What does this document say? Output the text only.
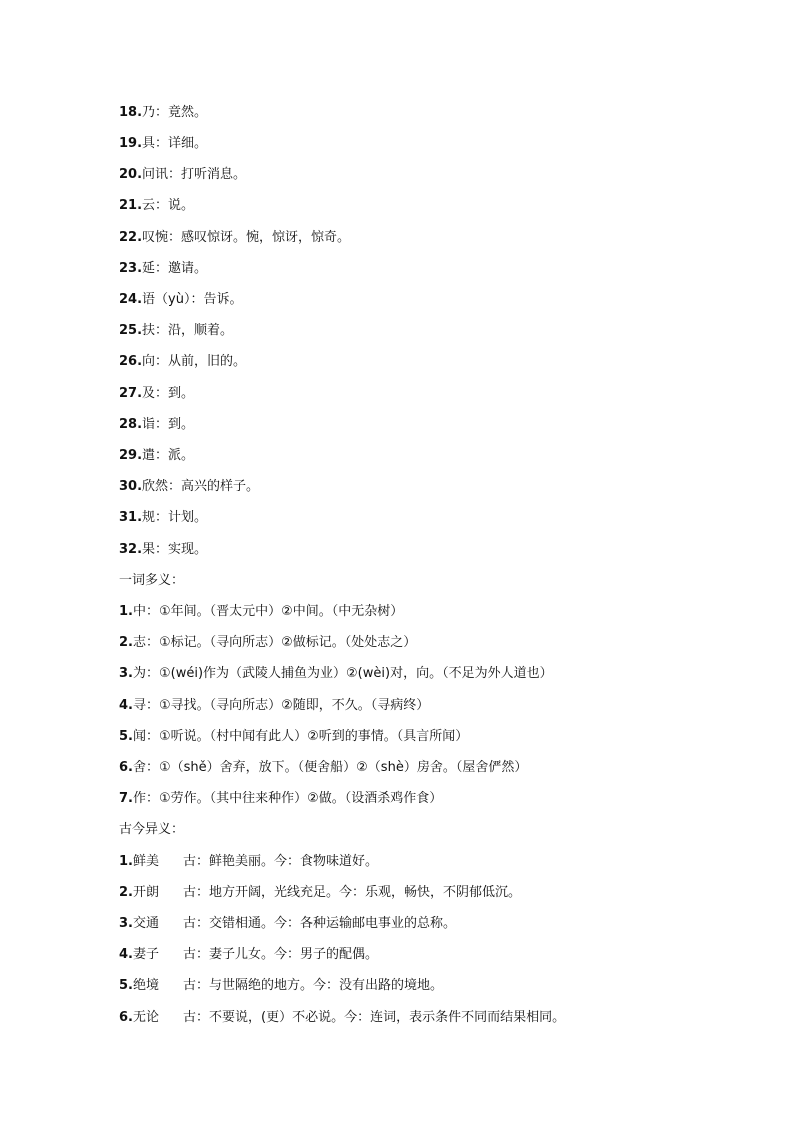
18.乃：竟然。
19.具：详细。
20.问讯：打听消息。
21.云：说。
22.叹惋：感叹惊讶。惋，惊讶，惊奇。
23.延：邀请。
24.语（yù）：告诉。
25.扶：沿，顺着。
26.向：从前，旧的。
27.及：到。
28.诣：到。
29.遣：派。
30.欣然：高兴的样子。
31.规：计划。
32.果：实现。
一词多义：
1.中：①年间。（晋太元中）②中间。（中无杂树）
2.志：①标记。（寻向所志）②做标记。（处处志之）
3.为：①(wéi)作为（武陵人捕鱼为业）②(wèi)对，向。（不足为外人道也）
4.寻：①寻找。（寻向所志）②随即，不久。（寻病终）
5.闻：①听说。（村中闻有此人）②听到的事情。（具言所闻）
6.舍：①（shě）舍弃，放下。（便舍船）②（shè）房舍。（屋舍俨然）
7.作：①劳作。（其中往来种作）②做。（设酒杀鸡作食）
古今异义：
1.鲜美 古：鲜艳美丽。今：食物味道好。
2.开朗 古：地方开阔，光线充足。今：乐观，畅快，不阴郁低沉。
3.交通 古：交错相通。今：各种运输邮电事业的总称。
4.妻子 古：妻子儿女。今：男子的配偶。
5.绝境 古：与世隔绝的地方。今：没有出路的境地。
6.无论 古：不要说，(更）不必说。今：连词，表示条件不同而结果相同。
